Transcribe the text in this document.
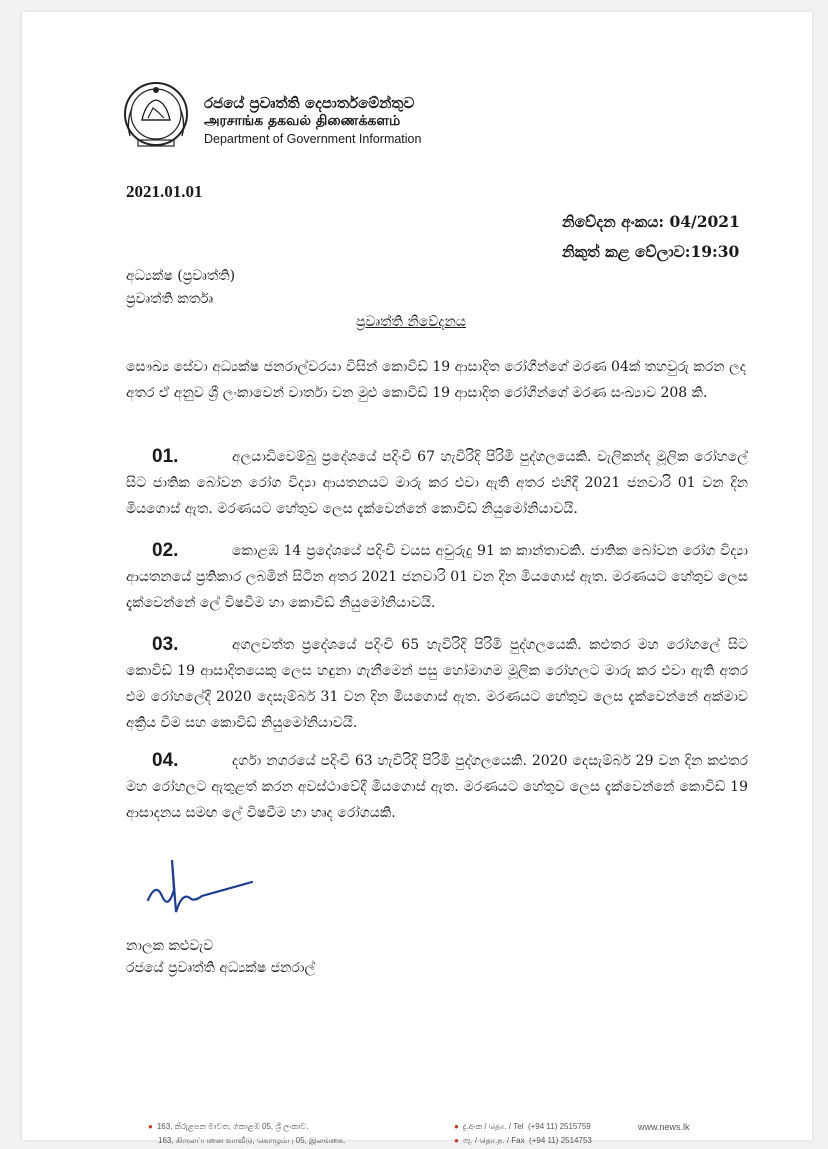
රජයේ ප්‍රවෘත්ති දෙපාර්තමේන්තුව
அரசாங்க தகவல் திணைக்களம்
Department of Government Information
2021.01.01
නිවේදන අංකය: 04/2021
නිකුත් කළ වේලාව:19:30
අධ්‍යක්ෂ (ප්‍රවෘත්ති)
ප්‍රවෘත්ති කර්තෘ
ප්‍රවෘත්ති නිවේදනය
සෞඛ්‍ය සේවා අධ්‍යක්ෂ ජනරාල්වරයා විසින් කොවිඩ් 19 ආසාදිත රෝගීන්ගේ මරණ 04ක් තහවුරු කරන ලද අතර ඒ අනුව ශ්‍රී ලංකාවෙන් වාර්තා වන මුළු කොවිඩ් 19 ආසාදිත රෝගීන්ගේ මරණ සංඛ්‍යාව 208 කි.
01.	අලයාඩිවෙම්බු ප්‍රදේශයේ පදිංචි 67 හැවිරිදි පිරිමි පුද්ගලයෙකි. වැලිකන්ද මූලික රෝහලේ සිට ජාතික බෝවන රෝග විද්‍යා ආයතනයට මාරු කර එවා ඇති අතර එහිදී 2021 ජනවාරි 01 වන දින මියගොස් ඇත. මරණයට හේතුව ලෙස දැක්වෙන්නේ කොවිඩ් නියුමෝනියාවයි.
02.	කොළඹ 14 ප්‍රදේශයේ පදිංචි වයස අවුරුදු 91 ක කාන්තාවකි. ජාතික බෝවන රෝග විද්‍යා ආයතනයේ ප්‍රතිකාර ලබමින් සිටින අතර 2021 ජනවාරි 01 වන දින මියගොස් ඇත. මරණයට හේතුව ලෙස දැක්වෙන්නේ ලේ විෂවීම හා කොවිඩ් නියුමෝනියාවයි.
03.	අගලවත්ත ප්‍රදේශයේ පදිංචි 65 හැවිරිදි පිරිමි පුද්ගලයෙකි. කළුතර මහ රෝහලේ සිට කොවිඩ් 19 ආසාදිතයෙකු ලෙස හඳුනා ගැනීමෙන් පසු හෝමාගම මූලික රෝහලට මාරු කර එවා ඇති අතර එම රෝහලේදී 2020 දෙසැම්බර් 31 වන දින මියගොස් ඇත. මරණයට හේතුව ලෙස දැක්වෙන්නේ අක්මාව අක්‍රිය වීම සහ කොවිඩ් නියුමෝනියාවයි.
04.	දර්ගා නගරයේ පදිංචි 63 හැවිරිදි පිරිමි පුද්ගලයෙකි. 2020 දෙසැම්බර් 29 වන දින කළුතර මහ රෝහලට ඇතුළත් කරන අවස්ථාවේදී මියගොස් ඇත. මරණයට හේතුව ලෙස දැක්වෙන්නේ කොවිඩ් 19 ආසාදනය සමඟ ලේ විෂවීම හා හෘද රෝගයකි.
නාලක කළුවැව
රජයේ ප්‍රවෘත්ති අධ්‍යක්ෂ ජනරාල්
● 163, කිරුළපන මාවත, කොළඹ 05, ශ්‍රී ලංකාව.
163, கிருலப்பனை வாவீடு, கொழும்பு 05, இலங்கை.
● දු.අංක / தொ. / Tel (+94 11) 2515759
● ෆැ. / தொ.ந. / Fax (+94 11) 2514753
www.news.lk
